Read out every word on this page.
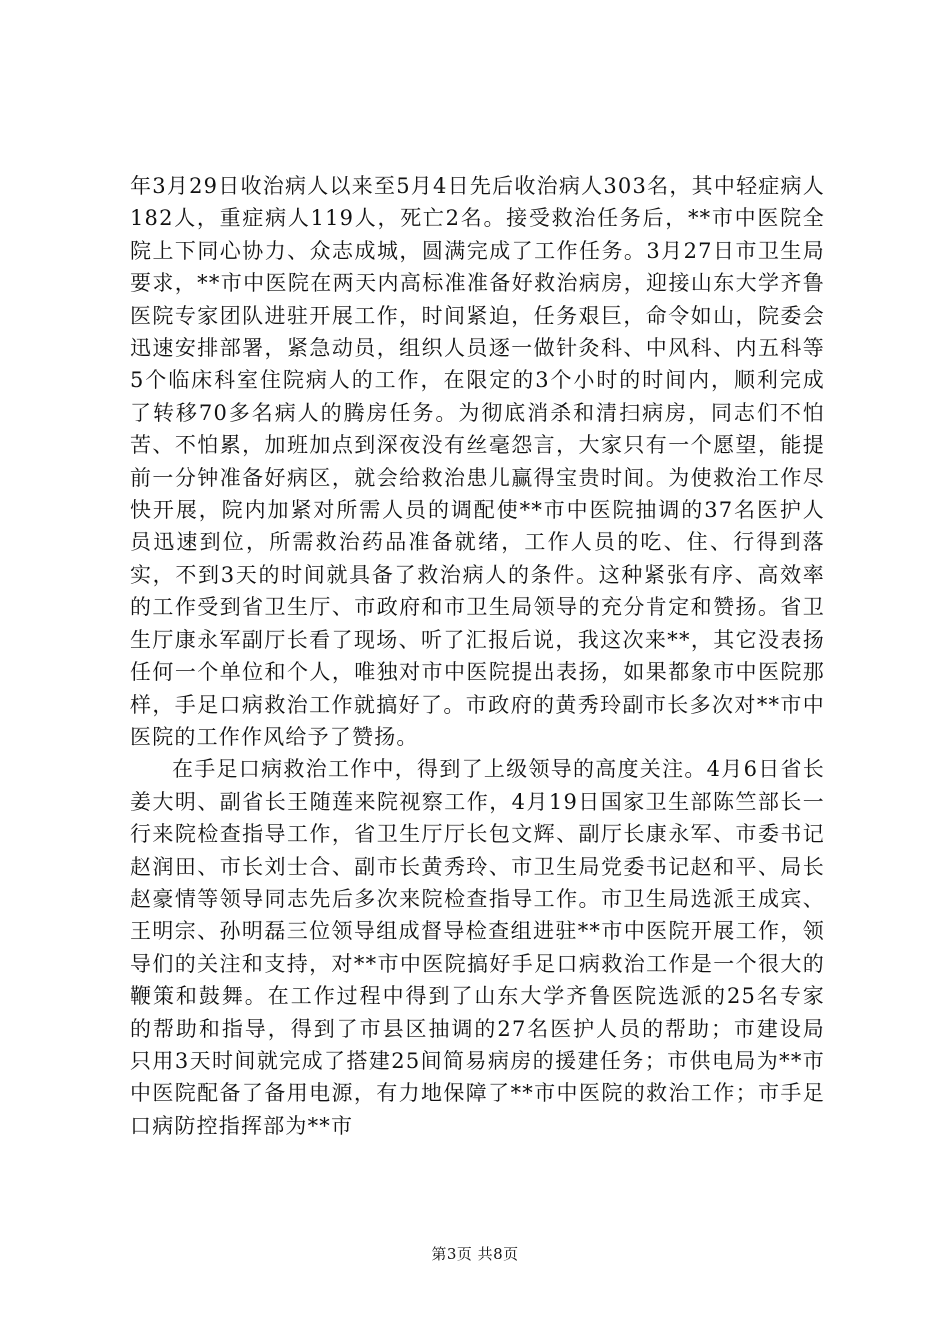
年3月29日收治病人以来至5月4日先后收治病人303名，其中轻症病人182人，重症病人119人，死亡2名。接受救治任务后，**市中医院全院上下同心协力、众志成城，圆满完成了工作任务。3月27日市卫生局要求，**市中医院在两天内高标准准备好救治病房，迎接山东大学齐鲁医院专家团队进驻开展工作，时间紧迫，任务艰巨，命令如山，院委会迅速安排部署，紧急动员，组织人员逐一做针灸科、中风科、内五科等5个临床科室住院病人的工作，在限定的3个小时的时间内，顺利完成了转移70多名病人的腾房任务。为彻底消杀和清扫病房，同志们不怕苦、不怕累，加班加点到深夜没有丝毫怨言，大家只有一个愿望，能提前一分钟准备好病区，就会给救治患儿赢得宝贵时间。为使救治工作尽快开展，院内加紧对所需人员的调配使**市中医院抽调的37名医护人员迅速到位，所需救治药品准备就绪，工作人员的吃、住、行得到落实，不到3天的时间就具备了救治病人的条件。这种紧张有序、高效率的工作受到省卫生厅、市政府和市卫生局领导的充分肯定和赞扬。省卫生厅康永军副厅长看了现场、听了汇报后说，我这次来**，其它没表扬任何一个单位和个人，唯独对市中医院提出表扬，如果都象市中医院那样，手足口病救治工作就搞好了。市政府的黄秀玲副市长多次对**市中医院的工作作风给予了赞扬。

在手足口病救治工作中，得到了上级领导的高度关注。4月6日省长姜大明、副省长王随莲来院视察工作，4月19日国家卫生部陈竺部长一行来院检查指导工作，省卫生厅厅长包文辉、副厅长康永军、市委书记赵润田、市长刘士合、副市长黄秀玲、市卫生局党委书记赵和平、局长赵豪情等领导同志先后多次来院检查指导工作。市卫生局选派王成宾、王明宗、孙明磊三位领导组成督导检查组进驻**市中医院开展工作，领导们的关注和支持，对**市中医院搞好手足口病救治工作是一个很大的鞭策和鼓舞。在工作过程中得到了山东大学齐鲁医院选派的25名专家的帮助和指导，得到了市县区抽调的27名医护人员的帮助；市建设局只用3天时间就完成了搭建25间简易病房的援建任务；市供电局为**市中医院配备了备用电源，有力地保障了**市中医院的救治工作；市手足口病防控指挥部为**市

第3页 共8页
